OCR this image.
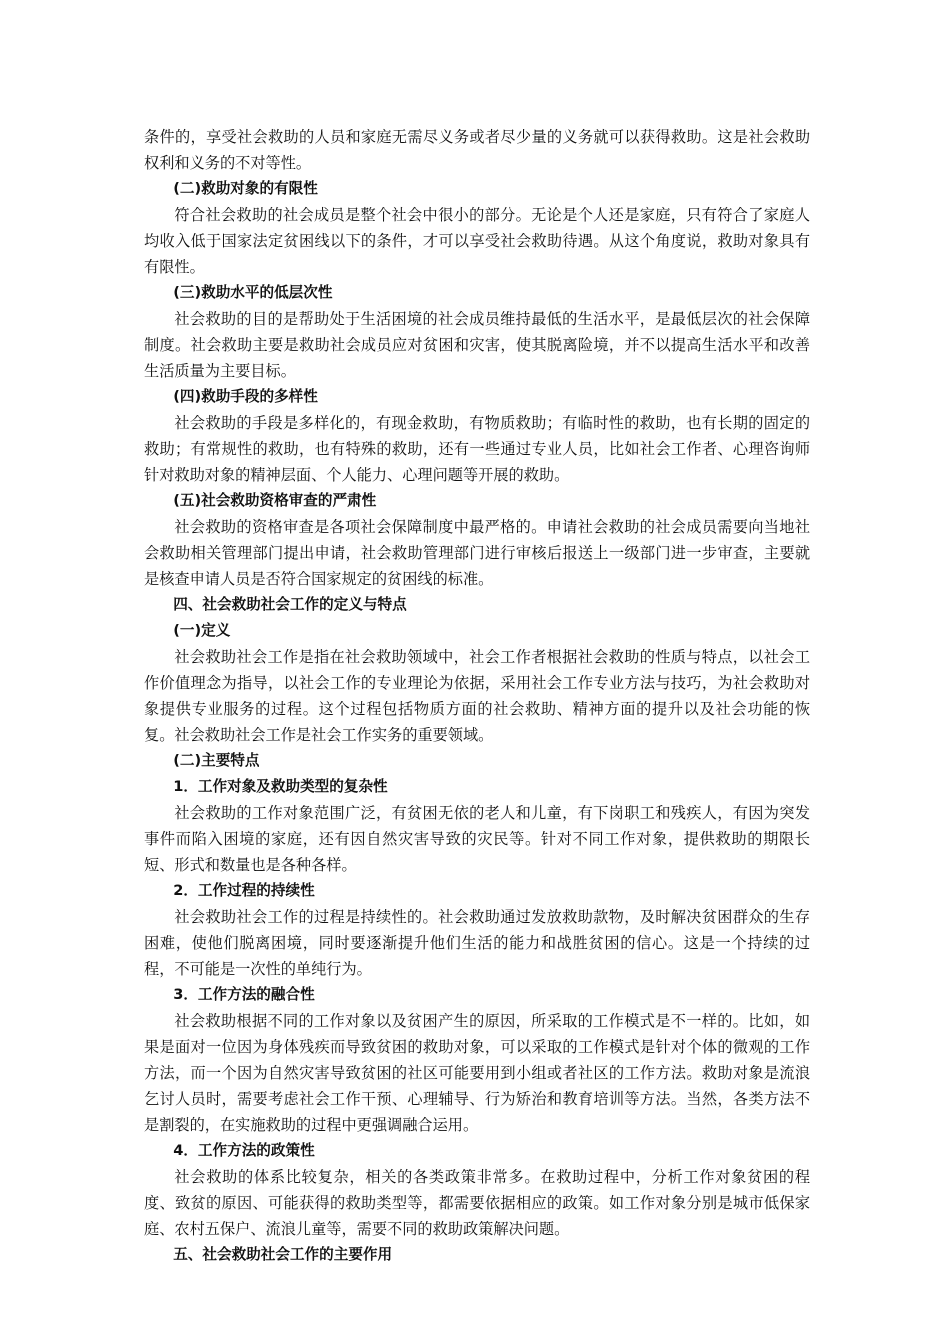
条件的，享受社会救助的人员和家庭无需尽义务或者尽少量的义务就可以获得救助。这是社会救助权利和义务的不对等性。

(二)救助对象的有限性

符合社会救助的社会成员是整个社会中很小的部分。无论是个人还是家庭，只有符合了家庭人均收入低于国家法定贫困线以下的条件，才可以享受社会救助待遇。从这个角度说，救助对象具有有限性。

(三)救助水平的低层次性

社会救助的目的是帮助处于生活困境的社会成员维持最低的生活水平，是最低层次的社会保障制度。社会救助主要是救助社会成员应对贫困和灾害，使其脱离险境，并不以提高生活水平和改善生活质量为主要目标。

(四)救助手段的多样性

社会救助的手段是多样化的，有现金救助，有物质救助；有临时性的救助，也有长期的固定的救助；有常规性的救助，也有特殊的救助，还有一些通过专业人员，比如社会工作者、心理咨询师针对救助对象的精神层面、个人能力、心理问题等开展的救助。

(五)社会救助资格审查的严肃性

社会救助的资格审查是各项社会保障制度中最严格的。申请社会救助的社会成员需要向当地社会救助相关管理部门提出申请，社会救助管理部门进行审核后报送上一级部门进一步审查，主要就是核查申请人员是否符合国家规定的贫困线的标准。

四、社会救助社会工作的定义与特点

(一)定义

社会救助社会工作是指在社会救助领域中，社会工作者根据社会救助的性质与特点，以社会工作价值理念为指导，以社会工作的专业理论为依据，采用社会工作专业方法与技巧，为社会救助对象提供专业服务的过程。这个过程包括物质方面的社会救助、精神方面的提升以及社会功能的恢复。社会救助社会工作是社会工作实务的重要领域。

(二)主要特点

1．工作对象及救助类型的复杂性

社会救助的工作对象范围广泛，有贫困无依的老人和儿童，有下岗职工和残疾人，有因为突发事件而陷入困境的家庭，还有因自然灾害导致的灾民等。针对不同工作对象，提供救助的期限长短、形式和数量也是各种各样。

2．工作过程的持续性

社会救助社会工作的过程是持续性的。社会救助通过发放救助款物，及时解决贫困群众的生存困难，使他们脱离困境，同时要逐渐提升他们生活的能力和战胜贫困的信心。这是一个持续的过程，不可能是一次性的单纯行为。

3．工作方法的融合性

社会救助根据不同的工作对象以及贫困产生的原因，所采取的工作模式是不一样的。比如，如果是面对一位因为身体残疾而导致贫困的救助对象，可以采取的工作模式是针对个体的微观的工作方法，而一个因为自然灾害导致贫困的社区可能要用到小组或者社区的工作方法。救助对象是流浪乞讨人员时，需要考虑社会工作干预、心理辅导、行为矫治和教育培训等方法。当然，各类方法不是割裂的，在实施救助的过程中更强调融合运用。

4．工作方法的政策性

社会救助的体系比较复杂，相关的各类政策非常多。在救助过程中，分析工作对象贫困的程度、致贫的原因、可能获得的救助类型等，都需要依据相应的政策。如工作对象分别是城市低保家庭、农村五保户、流浪儿童等，需要不同的救助政策解决问题。

五、社会救助社会工作的主要作用
